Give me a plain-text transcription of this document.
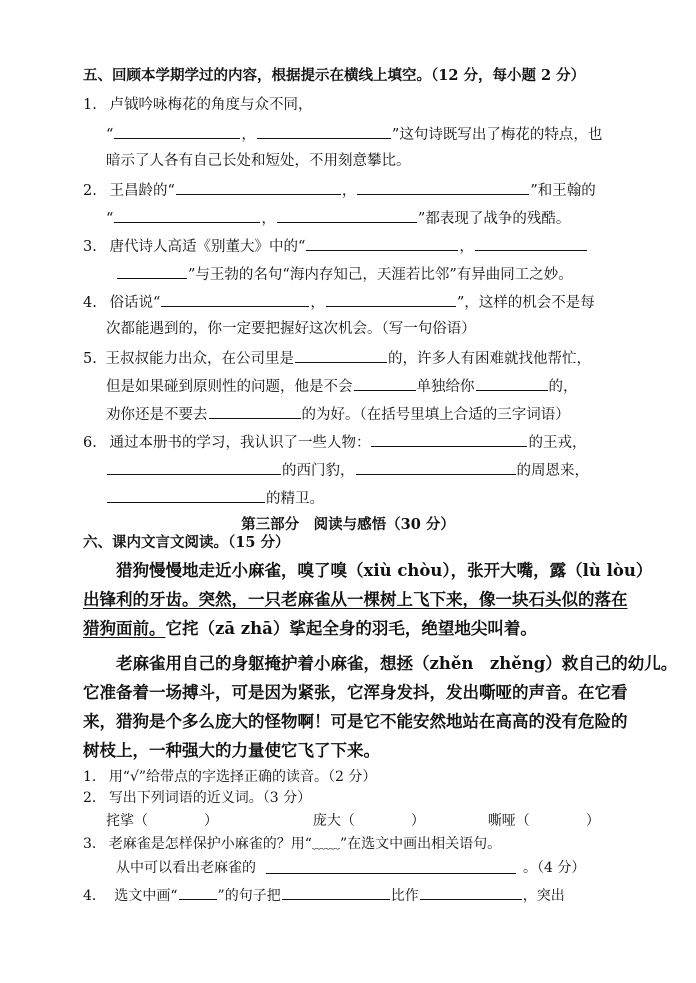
五、回顾本学期学过的内容，根据提示在横线上填空。（12 分，每小题 2 分）
1. 卢钺吟咏梅花的角度与众不同，
“	，	”这句诗既写出了梅花的特点，也
暗示了人各有自己长处和短处，不用刻意攀比。
2. 王昌龄的“	，	”和王翰的
“	，	”都表现了战争的残酷。
3. 唐代诗人高适《别董大》中的“	，
”与王勃的名句“海内存知己，天涯若比邻”有异曲同工之妙。
4. 俗话说“	，	”，这样的机会不是每
次都能遇到的，你一定要把握好这次机会。（写一句俗语）
5. 王叔叔能力出众，在公司里是	的，许多人有困难就找他帮忙，
但是如果碰到原则性的问题，他是不会	单独给你	的，
劝你还是不要去	的为好。（在括号里填上合适的三字词语）
6. 通过本册书的学习，我认识了一些人物：	的王戎，
的西门豹，	的周恩来，
的精卫。
第三部分　阅读与感悟（30 分）
六、课内文言文阅读。（15 分）
猎狗慢慢地走近小麻雀，嗅了嗅（xiù chòu），张开大嘴，露（lù lòu）
出锋利的牙齿。突然，一只老麻雀从一棵树上飞下来，像一块石头似的落在
猎狗面前。它挓（zā zhā）挲起全身的羽毛，绝望地尖叫着。
老麻雀用自己的身躯掩护着小麻雀，想拯（zhěn　zhěng）救自己的幼儿。
它准备着一场搏斗，可是因为紧张，它浑身发抖，发出嘶哑的声音。在它看
来，猎狗是个多么庞大的怪物啊！可是它不能安然地站在高高的没有危险的
树枝上，一种强大的力量使它飞了下来。
1. 用“√”给带点的字选择正确的读音。（2 分）
2. 写出下列词语的近义词。（3 分）
挓挲（	）	庞大（	）	嘶哑（	）
3. 老麻雀是怎样保护小麻雀的？用“﹏﹏”在选文中画出相关语句。
从中可以看出老麻雀的	。（4 分）
4． 选文中画“	”的句子把	比作	，突出
